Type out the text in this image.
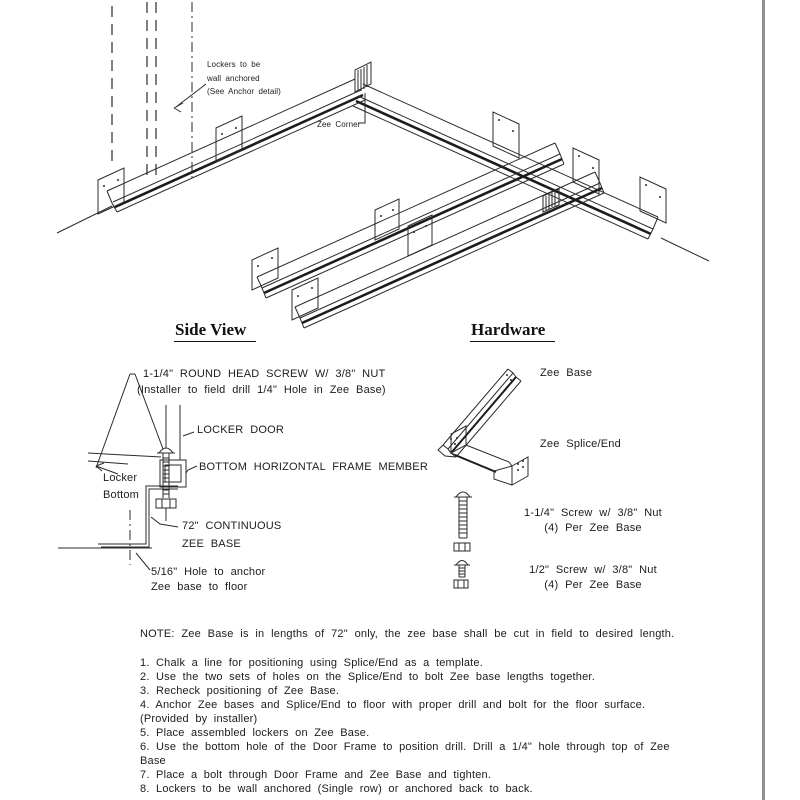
Lockers to be
wall anchored
(See Anchor detail)
Zee Corner
Side View	Hardware
1-1/4" ROUND HEAD SCREW W/ 3/8" NUT
(Installer to field drill 1/4" Hole in Zee Base)
LOCKER DOOR
BOTTOM HORIZONTAL FRAME MEMBER
Locker
Bottom
72" CONTINUOUS
ZEE BASE
5/16" Hole to anchor
Zee base to floor
Zee Base
Zee Splice/End
1-1/4" Screw w/ 3/8" Nut
(4) Per Zee Base
1/2" Screw w/ 3/8" Nut
(4) Per Zee Base
NOTE: Zee Base is in lengths of 72" only, the zee base shall be cut in field to desired length.
1. Chalk a line for positioning using Splice/End as a template.
2. Use the two sets of holes on the Splice/End to bolt Zee base lengths together.
3. Recheck positioning of Zee Base.
4. Anchor Zee bases and Splice/End to floor with proper drill and bolt for the floor surface.
(Provided by installer)
5. Place assembled lockers on Zee Base.
6. Use the bottom hole of the Door Frame to position drill. Drill a 1/4" hole through top of Zee
Base
7. Place a bolt through Door Frame and Zee Base and tighten.
8. Lockers to be wall anchored (Single row) or anchored back to back.
